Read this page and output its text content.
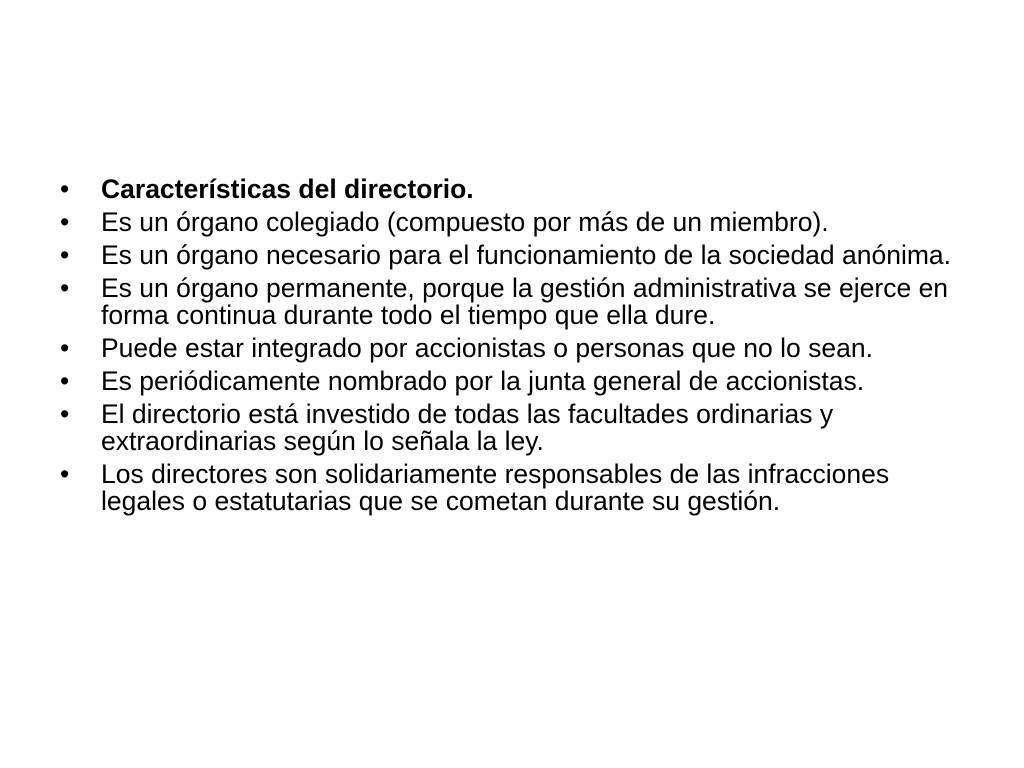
•	Características del directorio.
•	Es un órgano colegiado (compuesto por más de un miembro).
•	Es un órgano necesario para el funcionamiento de la sociedad anónima.
•	Es un órgano permanente, porque la gestión administrativa se ejerce en forma continua durante todo el tiempo que ella dure.
•	Puede estar integrado por accionistas o personas que no lo sean.
•	Es periódicamente nombrado por la junta general de accionistas.
•	El directorio está investido de todas las facultades ordinarias y extraordinarias según lo señala la ley.
•	Los directores son solidariamente responsables de las infracciones legales o estatutarias que se cometan durante su gestión.
